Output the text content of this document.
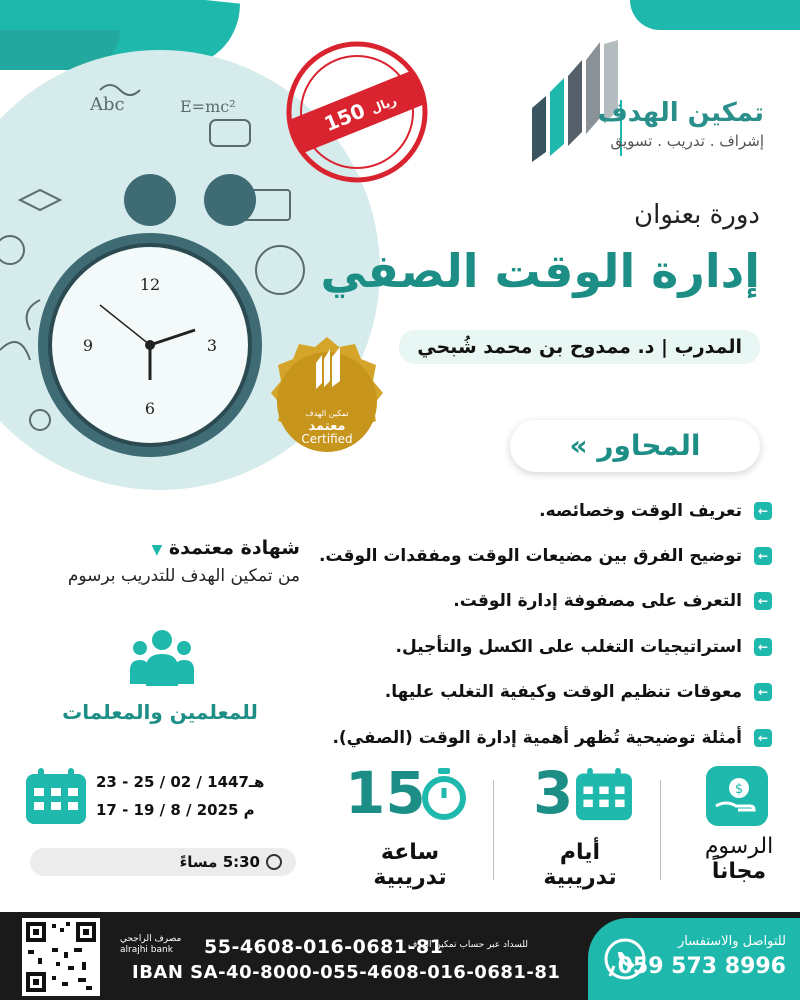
Abc	E=mc²
12
3
6
9
150 ريال
تمكين الهدف
معتمد
Certified
تمكين الهدف
إشراف . تدريب . تسويق
دورة بعنوان
إدارة الوقت الصفي
المدرب | د. ممدوح بن محمد شُبحي
المحاور »
←
تعريف الوقت وخصائصه.
←
توضيح الفرق بين مضيعات الوقت ومفقدات الوقت.
←
التعرف على مصفوفة إدارة الوقت.
←
استراتيجيات التغلب على الكسل والتأجيل.
←
معوقات تنظيم الوقت وكيفية التغلب عليها.
←
أمثلة توضيحية تُظهر أهمية إدارة الوقت (الصفي).
شهادة معتمدة ▼
من تمكين الهدف للتدريب برسوم
للمعلمين والمعلمات
23 - 25 / 02 / 1447هـ
17 - 19 / 8 / 2025 م
5:30 مساءً
15
ساعة
تدريبية
3
أيام
تدريبية
$
الرسوم
مجاناً
مصرف الراجحي
alrajhi bank	للسداد عبر حساب تمكين الهدف
55-4608-016-0681-81
IBAN SA-40-8000-055-4608-016-0681-81
للتواصل والاستفسار
059 573 8996
